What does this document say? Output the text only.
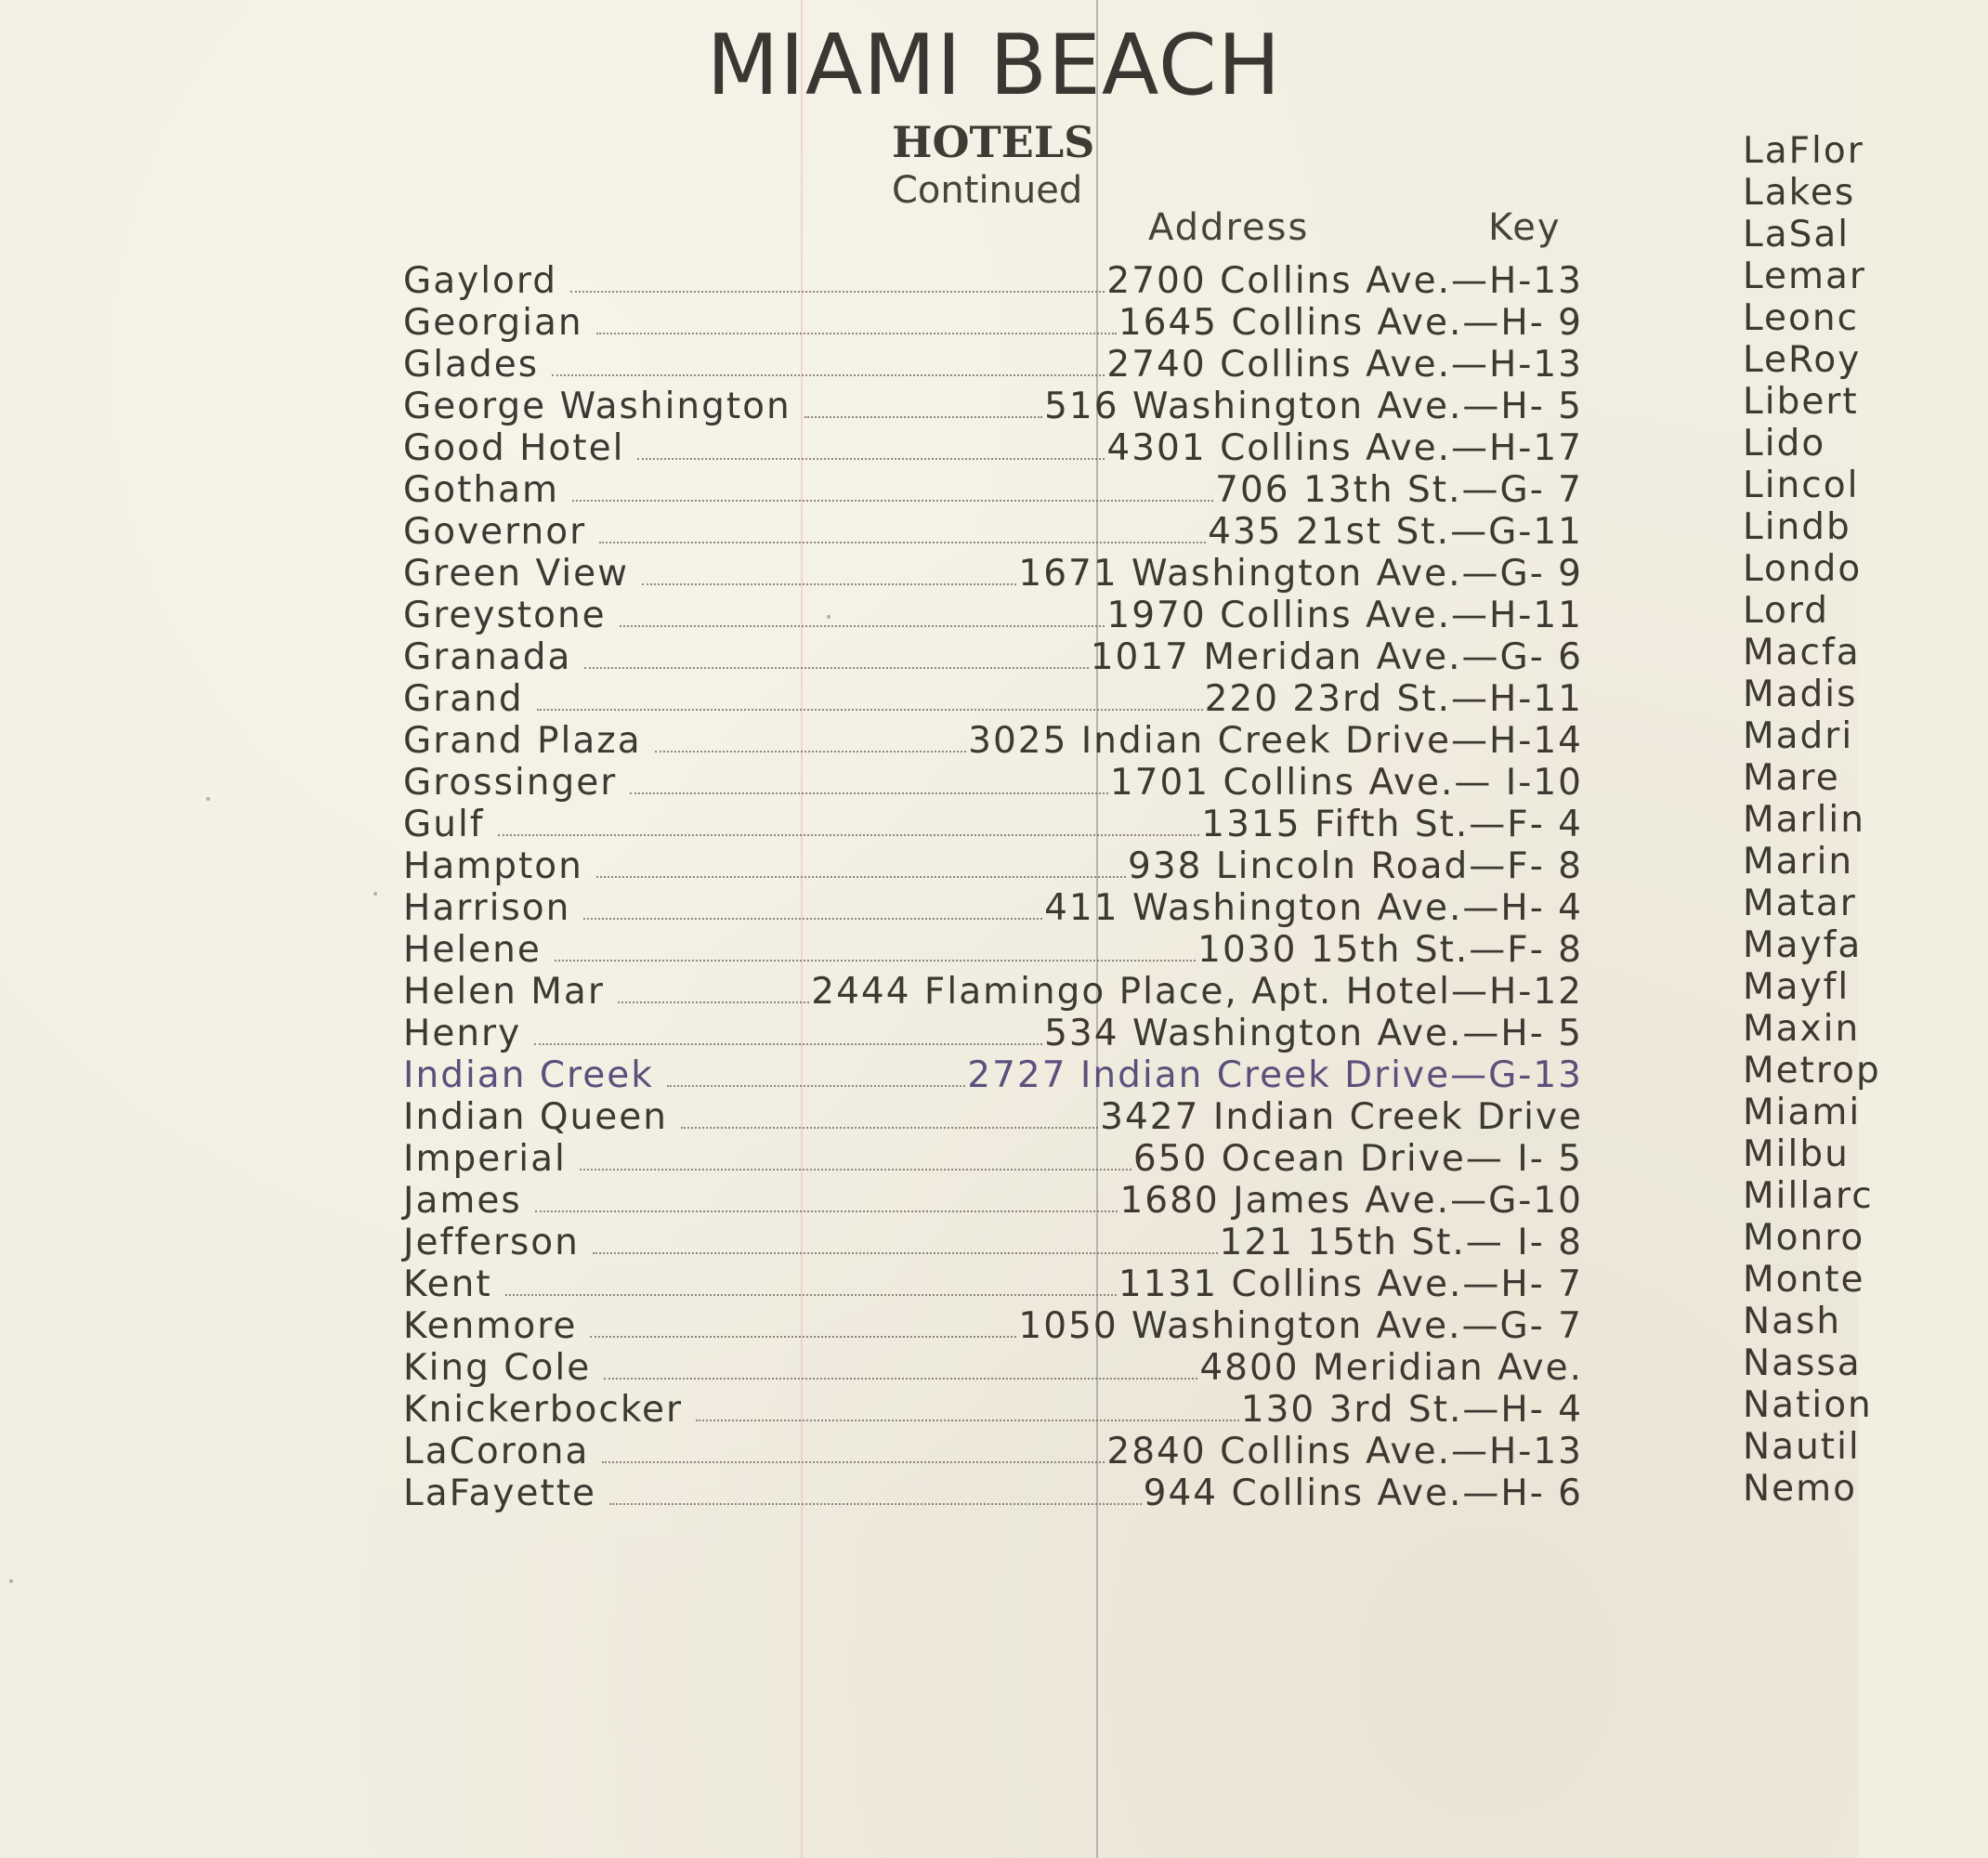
MIAMI BEACH
HOTELS
Continued
Address	Key
Gaylord	2700 Collins Ave.—H-13
Georgian	1645 Collins Ave.—H- 9
Glades	2740 Collins Ave.—H-13
George Washington	516 Washington Ave.—H- 5
Good Hotel	4301 Collins Ave.—H-17
Gotham	706 13th St.—G- 7
Governor	435 21st St.—G-11
Green View	1671 Washington Ave.—G- 9
Greystone	1970 Collins Ave.—H-11
Granada	1017 Meridan Ave.—G- 6
Grand	220 23rd St.—H-11
Grand Plaza	3025 Indian Creek Drive—H-14
Grossinger	1701 Collins Ave.— I-10
Gulf	1315 Fifth St.—F- 4
Hampton	938 Lincoln Road—F- 8
Harrison	411 Washington Ave.—H- 4
Helene	1030 15th St.—F- 8
Helen Mar	2444 Flamingo Place, Apt. Hotel—H-12
Henry	534 Washington Ave.—H- 5
Indian Creek	2727 Indian Creek Drive—G-13
Indian Queen	3427 Indian Creek Drive
Imperial	650 Ocean Drive— I- 5
James	1680 James Ave.—G-10
Jefferson	121 15th St.— I- 8
Kent	1131 Collins Ave.—H- 7
Kenmore	1050 Washington Ave.—G- 7
King Cole	4800 Meridian Ave.
Knickerbocker	130 3rd St.—H- 4
LaCorona	2840 Collins Ave.—H-13
LaFayette	944 Collins Ave.—H- 6
LaFlor
Lakes
LaSal
Lemar
Leonc
LeRoy
Libert
Lido
Lincol
Lindb
Londo
Lord
Macfa
Madis
Madri
Mare
Marlin
Marin
Matar
Mayfa
Mayfl
Maxin
Metrop
Miami
Milbu
Millarc
Monro
Monte
Nash
Nassa
Nation
Nautil
Nemo
